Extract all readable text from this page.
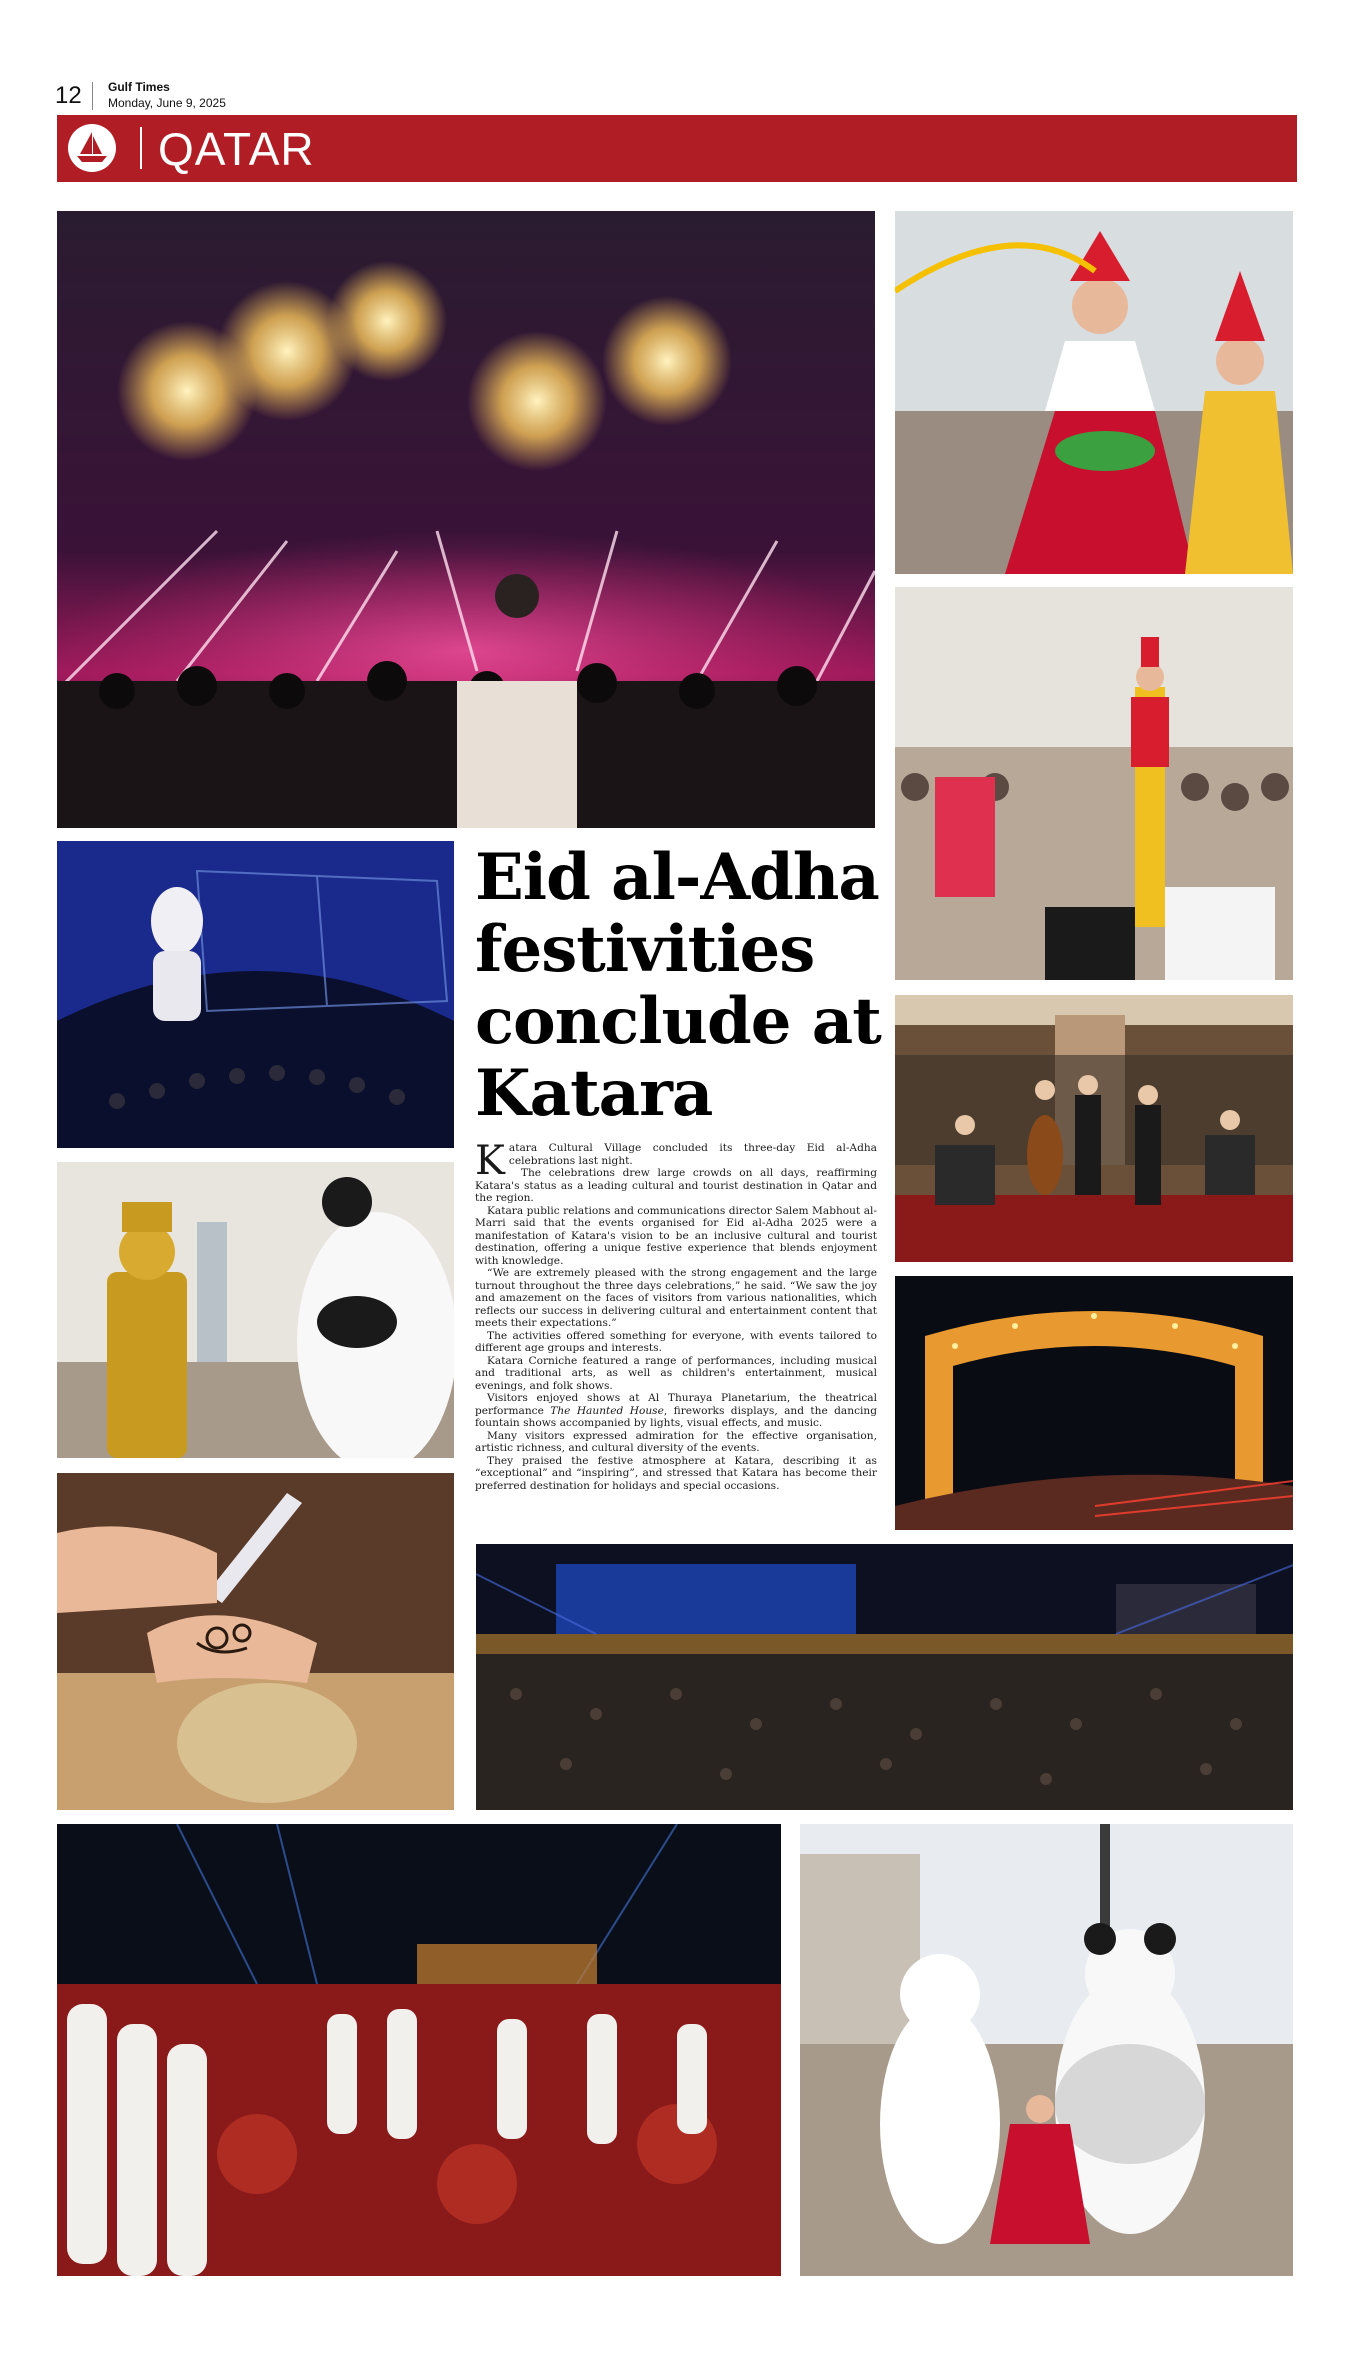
12 Gulf Times
Monday, June 9, 2025
QATAR
Eid al-Adha festivities conclude at Katara

Katara Cultural Village concluded its three-day Eid al-Adha celebrations last night.

The celebrations drew large crowds on all days, reaffirming Katara's status as a leading cultural and tourist destination in Qatar and the region.

Katara public relations and communications director Salem Mabhout al-Marri said that the events organised for Eid al-Adha 2025 were a manifestation of Katara's vision to be an inclusive cultural and tourist destination, offering a unique festive experience that blends enjoyment with knowledge.

“We are extremely pleased with the strong engagement and the large turnout throughout the three days celebrations,” he said. “We saw the joy and amazement on the faces of visitors from various nationalities, which reflects our success in delivering cultural and entertainment content that meets their expectations.”

The activities offered something for everyone, with events tailored to different age groups and interests.

Katara Corniche featured a range of performances, including musical and traditional arts, as well as children's entertainment, musical evenings, and folk shows.

Visitors enjoyed shows at Al Thuraya Planetarium, the theatrical performance The Haunted House, fireworks displays, and the dancing fountain shows accompanied by lights, visual effects, and music.

Many visitors expressed admiration for the effective organisation, artistic richness, and cultural diversity of the events.

They praised the festive atmosphere at Katara, describing it as “exceptional” and “inspiring”, and stressed that Katara has become their preferred destination for holidays and special occasions.
